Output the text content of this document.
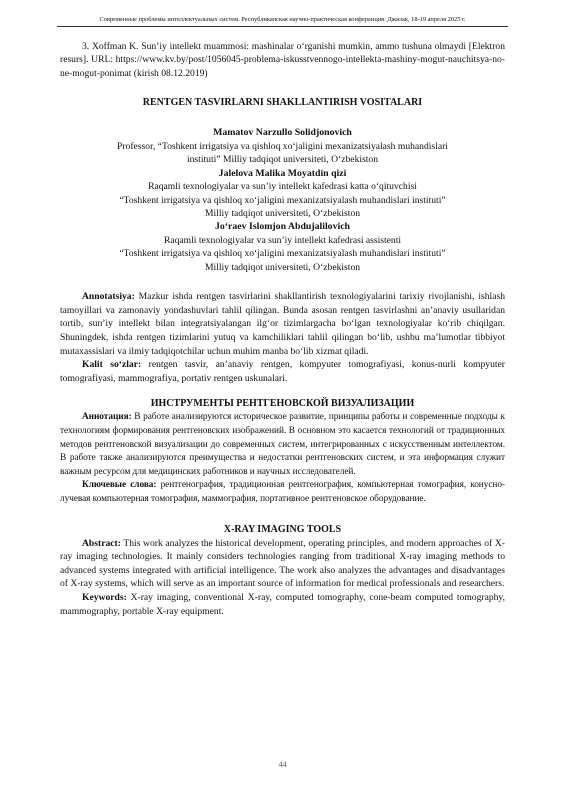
Современные проблемы интеллектуальных систем. Республиканская научно-практическая конференция. Джизак, 18-19 апреля 2025 г.

3. Xoffman K. Sun’iy intellekt muammosi: mashinalar o‘rganishi mumkin, ammo tushuna olmaydi [Elektron resurs]. URL: https://www.kv.by/post/1056045-problema-iskusstvennogo-intellekta-mashiny-mogut-nauchitsya-no-ne-mogut-ponimat (kirish 08.12.2019)

RENTGEN TASVIRLARNI SHAKLLANTIRISH VOSITALARI

Mamatov Narzullo Solidjonovich

Professor, “Toshkent irrigatsiya va qishloq xo‘jaligini mexanizatsiyalash muhandislari

instituti” Milliy tadqiqot universiteti, O‘zbekiston

Jalelova Malika Moyatdin qizi

Raqamli texnologiyalar va sun’iy intellekt kafedrasi katta o‘qituvchisi

“Toshkent irrigatsiya va qishloq xo‘jaligini mexanizatsiyalash muhandislari instituti”

Milliy tadqiqot universiteti, O‘zbekiston

Jo‘raev Islomjon Abdujalilovich

Raqamli texnologiyalar va sun’iy intellekt kafedrasi assistenti

“Toshkent irrigatsiya va qishloq xo‘jaligini mexanizatsiyalash muhandislari instituti”

Milliy tadqiqot universiteti, O‘zbekiston

Annotatsiya: Mazkur ishda rentgen tasvirlarini shakllantirish texnologiyalarini tarixiy rivojlanishi, ishlash tamoyillari va zamonaviy yondashuvlari tahlil qilingan. Bunda asosan rentgen tasvirlashni an’anaviy usullaridan tortib, sun’iy intellekt bilan integratsiyalangan ilg‘or tizimlargacha bo‘lgan texnologiyalar ko‘rib chiqilgan. Shuningdek, ishda rentgen tizimlarini yutuq va kamchiliklari tahlil qilingan bo‘lib, ushbu ma’lumotlar tibbiyot mutaxassislari va ilmiy tadqiqotchilar uchun muhim manba bo‘lib xizmat qiladi.

Kalit so‘zlar: rentgen tasvir, an’anaviy rentgen, kompyuter tomografiyasi, konus-nurli kompyuter tomografiyasi, mammografiya, portativ rentgen uskunalari.

ИНСТРУМЕНТЫ РЕНТГЕНОВСКОЙ ВИЗУАЛИЗАЦИИ

Аннотация: В работе анализируются историческое развитие, принципы работы и современные подходы к технологиям формирования рентгеновских изображений. В основном это касается технологий от традиционных методов рентгеновской визуализации до современных систем, интегрированных с искусственным интеллектом. В работе также анализируются преимущества и недостатки рентгеновских систем, и эта информация служит важным ресурсом для медицинских работников и научных исследователей.

Ключевые слова: рентгенография, традиционная рентгенография, компьютерная томография, конусно-лучевая компьютерная томография, маммография, портативное рентгеновское оборудование.

X-RAY IMAGING TOOLS

Abstract: This work analyzes the historical development, operating principles, and modern approaches of X-ray imaging technologies. It mainly considers technologies ranging from traditional X-ray imaging methods to advanced systems integrated with artificial intelligence. The work also analyzes the advantages and disadvantages of X-ray systems, which will serve as an important source of information for medical professionals and researchers.

Keywords: X-ray imaging, conventional X-ray, computed tomography, cone-beam computed tomography, mammography, portable X-ray equipment.

44
